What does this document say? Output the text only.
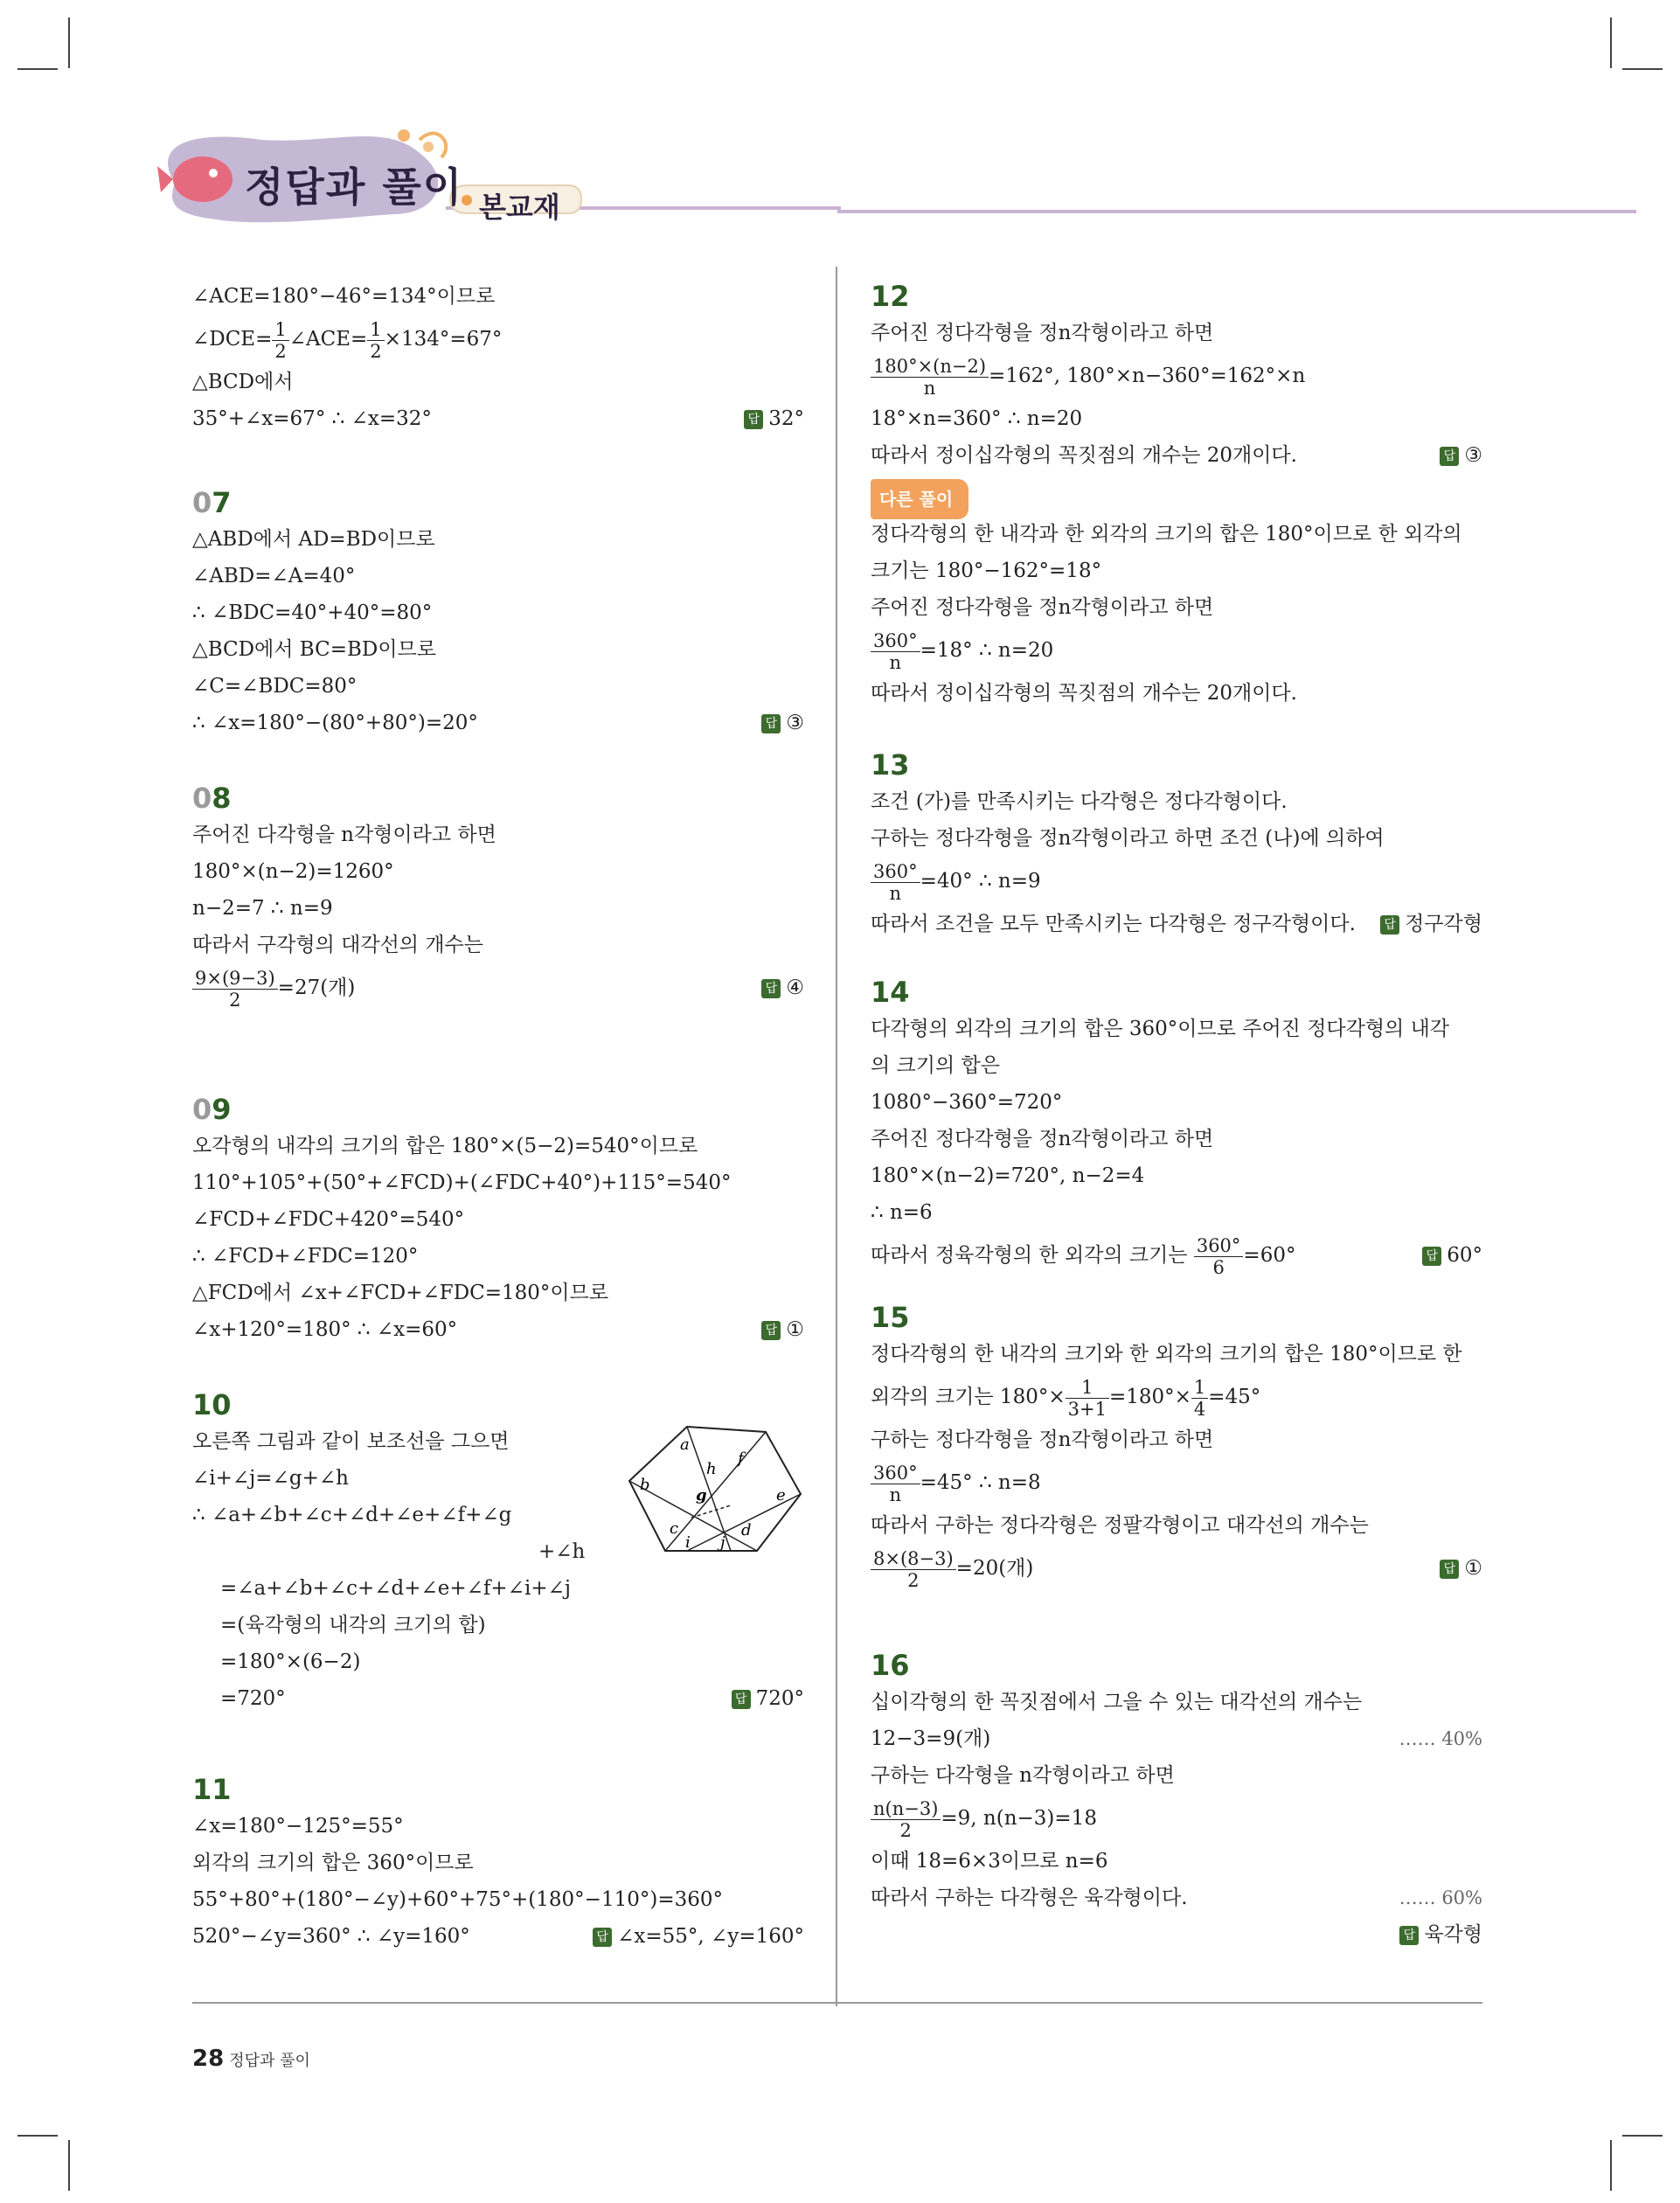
정답과 풀이 본교재
∠ACE=180°−46°=134°이므로
∠DCE= $\frac{1}{2}$ ∠ACE= $\frac{1}{2} \times 134^\circ=67^\circ$
△BCD에서
35°+∠x=67° ∴ ∠x=32°	답 32°
07
△ABD에서 AD=BD이므로
∠ABD=∠A=40°
∴ ∠BDC=40°+40°=80°
△BCD에서 BC=BD이므로
∠C=∠BDC=80°
∴ ∠x=180°−(80°+80°)=20°	답 ③
08
주어진 다각형을 n각형이라고 하면
180°×(n−2)=1260°
n−2=7 ∴ n=9
따라서 구각형의 대각선의 개수는
$\frac{9\times(9-3)}{2} =27$(개)	답 ④
09
오각형의 내각의 크기의 합은 180°×(5−2)=540°이므로
110°+105°+(50°+∠FCD)+(∠FDC+40°)+115°=540°
∠FCD+∠FDC+420°=540°
∴ ∠FCD+∠FDC=120°
△FCD에서 ∠x+∠FCD+∠FDC=180°이므로
∠x+120°=180° ∴ ∠x=60°	답 ①
10
오른쪽 그림과 같이 보조선을 그으면
∠i+∠j=∠g+∠h
∴ ∠a+∠b+∠c+∠d+∠e+∠f+∠g
+∠h
=∠a+∠b+∠c+∠d+∠e+∠f+∠i+∠j
=(육각형의 내각의 크기의 합)
=180°×(6−2)
=720°	답 720°
a
b
c	d
e
f
g
h
i j
11
∠x=180°−125°=55°
외각의 크기의 합은 360°이므로
55°+80°+(180°−∠y)+60°+75°+(180°−110°)=360°
520°−∠y=360° ∴ ∠y=160°	답 ∠x=55°, ∠y=160°
12
주어진 정다각형을 정n각형이라고 하면
$\frac{180^\circ\times(n-2)}{n} =162^\circ$, 180°×n−360°=162°×n
18°×n=360° ∴ n=20
따라서 정이십각형의 꼭짓점의 개수는 20개이다.	답 ③
다른 풀이
정다각형의 한 내각과 한 외각의 크기의 합은 180°이므로 한 외각의
크기는 180°−162°=18°
주어진 정다각형을 정n각형이라고 하면
$\frac{360^\circ}{n} =18^\circ$ ∴ n=20
따라서 정이십각형의 꼭짓점의 개수는 20개이다.
13
조건 (가)를 만족시키는 다각형은 정다각형이다.
구하는 정다각형을 정n각형이라고 하면 조건 (나)에 의하여
$\frac{360^\circ}{n} =40^\circ$ ∴ n=9
따라서 조건을 모두 만족시키는 다각형은 정구각형이다.	답 정구각형
14
다각형의 외각의 크기의 합은 360°이므로 주어진 정다각형의 내각
의 크기의 합은
1080°−360°=720°
주어진 정다각형을 정n각형이라고 하면
180°×(n−2)=720°, n−2=4
∴ n=6
따라서 정육각형의 한 외각의 크기는 $\frac{360^\circ}{6} =60^\circ$	답 60°
15
정다각형의 한 내각의 크기와 한 외각의 크기의 합은 180°이므로 한
외각의 크기는 $180^\circ\times \frac{1}{3+1} =180^\circ\times \frac{1}{4} =45^\circ$
구하는 정다각형을 정n각형이라고 하면
$\frac{360^\circ}{n} =45^\circ$ ∴ n=8
따라서 구하는 정다각형은 정팔각형이고 대각선의 개수는
$\frac{8\times(8-3)}{2} =20$(개)	답 ①
16
십이각형의 한 꼭짓점에서 그을 수 있는 대각선의 개수는
12−3=9(개)	…… 40%
구하는 다각형을 n각형이라고 하면
$\frac{n(n-3)}{2} =9$, n(n−3)=18
이때 18=6×3이므로 n=6
따라서 구하는 다각형은 육각형이다.	…… 60%
답 육각형
28 정답과 풀이
